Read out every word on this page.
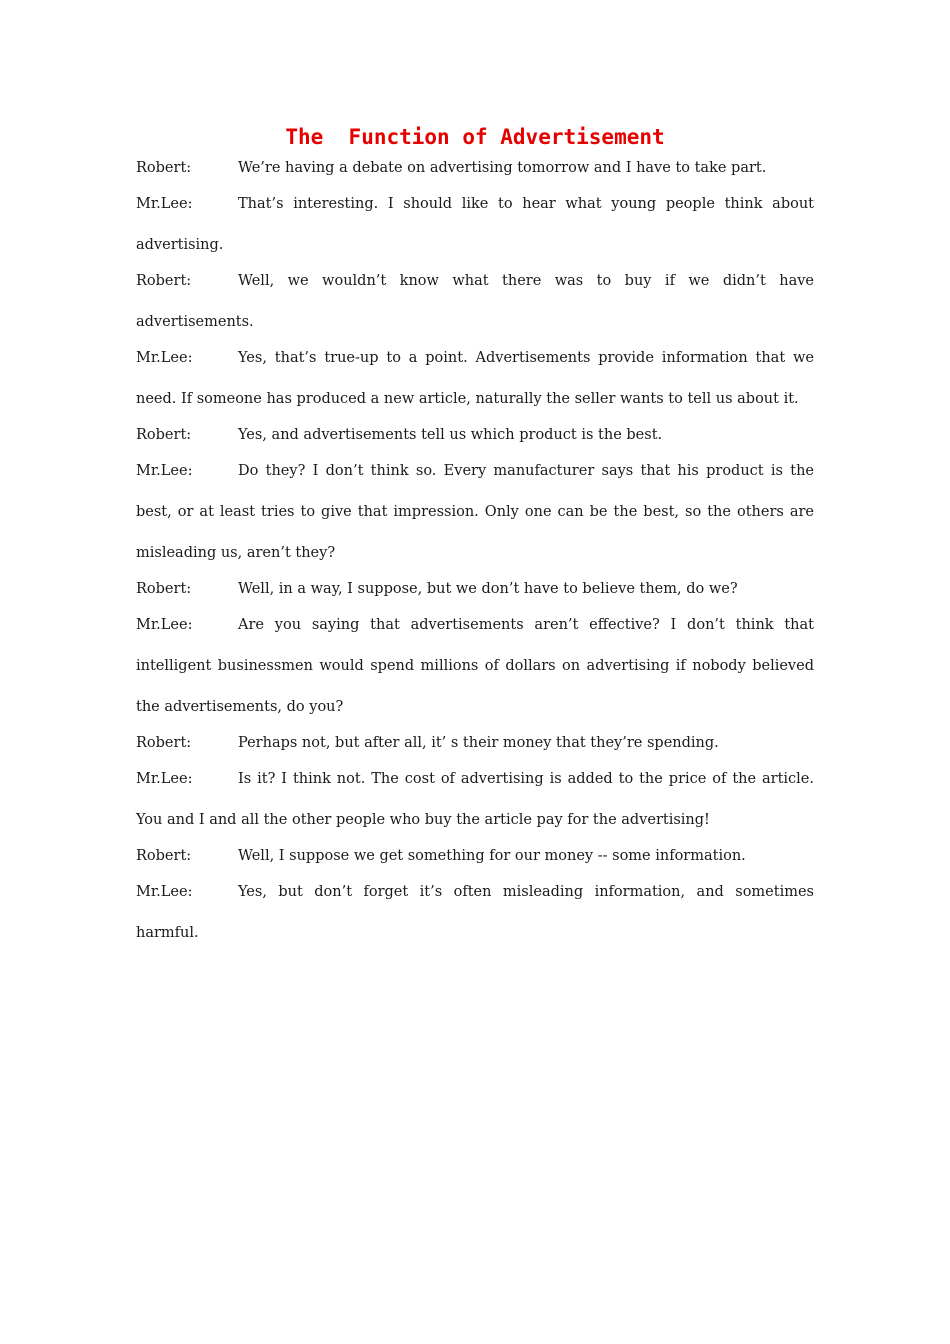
The  Function of Advertisement

Robert:	We’re having a debate on advertising tomorrow and I have to take part.

Mr.Lee:	That’s interesting. I should like to hear what young people think about advertising.

Robert:	Well, we wouldn’t know what there was to buy if we didn’t have advertisements.

Mr.Lee:	Yes, that’s true-up to a point. Advertisements provide information that we need. If someone has produced a new article, naturally the seller wants to tell us about it.

Robert:	Yes, and advertisements tell us which product is the best.

Mr.Lee:	Do they? I don’t think so. Every manufacturer says that his product is the best, or at least tries to give that impression. Only one can be the best, so the others are misleading us, aren’t they?

Robert:	Well, in a way, I suppose, but we don’t have to believe them, do we?

Mr.Lee:	Are you saying that advertisements aren’t effective? I don’t think that intelligent businessmen would spend millions of dollars on advertising if nobody believed the advertisements, do you?

Robert:	Perhaps not, but after all, it’ s their money that they’re spending.

Mr.Lee:	Is it? I think not. The cost of advertising is added to the price of the article. You and I and all the other people who buy the article pay for the advertising!

Robert:	Well, I suppose we get something for our money -- some information.

Mr.Lee:	Yes, but don’t forget it’s often misleading information, and sometimes harmful.
